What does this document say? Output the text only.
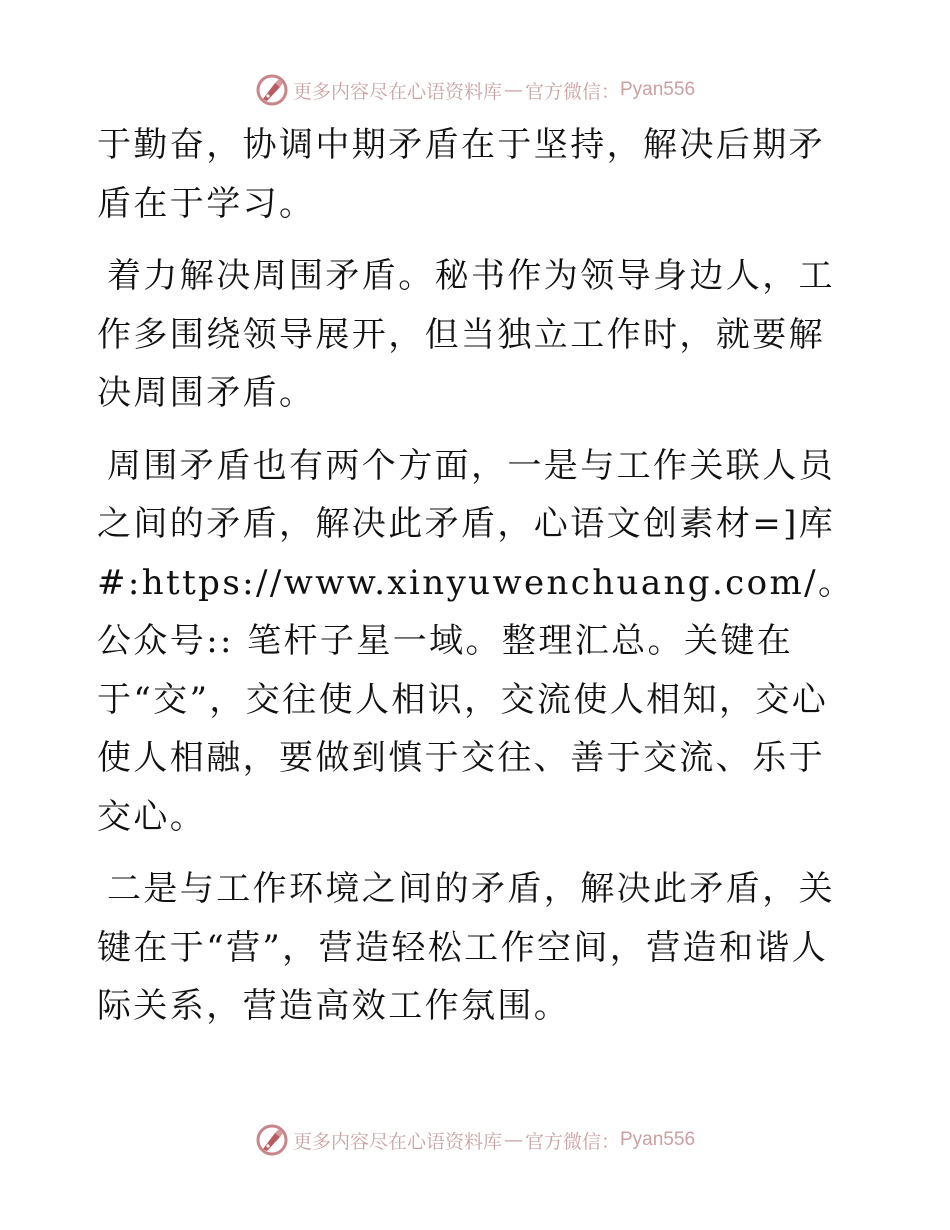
更多内容尽在心语资料库 — 官方微信： Pyan556

于勤奋，协调中期矛盾在于坚持，解决后期矛盾在于学习。

着力解决周围矛盾。秘书作为领导身边人，工作多围绕领导展开，但当独立工作时，就要解决周围矛盾。

周围矛盾也有两个方面，一是与工作关联人员之间的矛盾，解决此矛盾，心语文创素材=]库#:https://www.xinyuwenchuang.com/。公众号:: 笔杆子星一域。整理汇总。关键在于“交”，交往使人相识，交流使人相知，交心使人相融，要做到慎于交往、善于交流、乐于交心。

二是与工作环境之间的矛盾，解决此矛盾，关键在于“营”，营造轻松工作空间，营造和谐人际关系，营造高效工作氛围。

更多内容尽在心语资料库 — 官方微信： Pyan556
